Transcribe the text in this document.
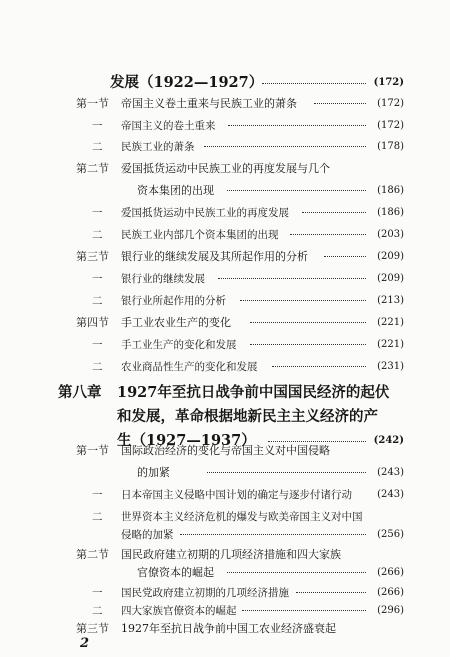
发展（1922—1927）	(172)
第一节 帝国主义卷土重来与民族工业的萧条	(172)
一 帝国主义的卷土重来	(172)
二 民族工业的萧条	(178)
第二节 爱国抵货运动中民族工业的再度发展与几个
资本集团的出现	(186)
一 爱国抵货运动中民族工业的再度发展	(186)
二 民族工业内部几个资本集团的出现	(203)
第三节 银行业的继续发展及其所起作用的分析	(209)
一 银行业的继续发展	(209)
二 银行业所起作用的分析	(213)
第四节 手工业农业生产的变化	(221)
一 手工业生产的变化和发展	(221)
二 农业商品性生产的变化和发展	(231)
第八章 1927年至抗日战争前中国国民经济的起伏
和发展，革命根据地新民主主义经济的产
生（1927—1937）	(242)
第一节 国际政治经济的变化与帝国主义对中国侵略
的加紧	(243)
一 日本帝国主义侵略中国计划的确定与逐步付诸行动	(243)
二 世界资本主义经济危机的爆发与欧美帝国主义对中国
侵略的加紧	(256)
第二节 国民政府建立初期的几项经济措施和四大家族
官僚资本的崛起	(266)
2
一 国民党政府建立初期的几项经济措施	(266)
二 四大家族官僚资本的崛起	(296)
第三节 1927年至抗日战争前中国工农业经济盛衰起
